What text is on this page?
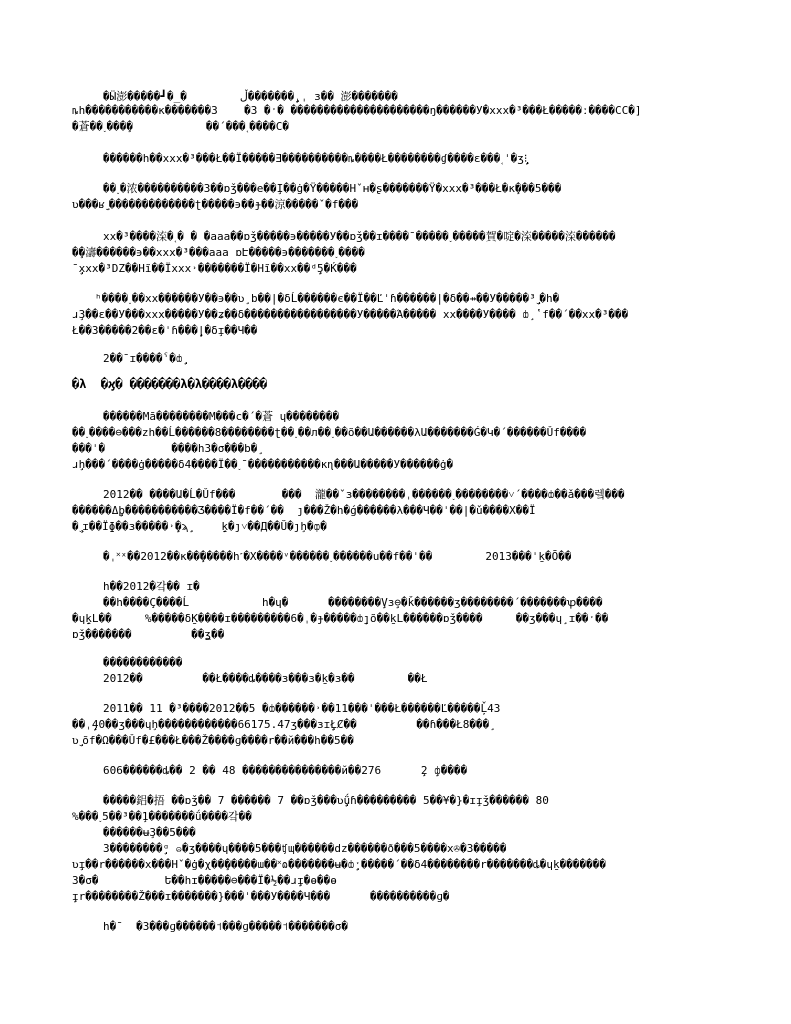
�Ӹ澎�����┛�_�        ڵ�������ˌ̧̧̧̧̧̧̧̧̧̧̧̧̧̧̧̧̧̧̧̧̧̧̧̧̧̧ˌ ɜ�� 澎�������
ȵh�����������κ�������3    �3 �ˑ� ���������������������ŋ������У�xxx�³���Ł�����ː����CC�]
�蒼��˯���̧�           ��΄���˱����C�
������h��xxx�³���Ł��Ï�����Ǝ����������ȵ����Ł��������ɠ����ε���˱ˈ�ʒ̧̧̧̧̧̧̧̧̧̧̧⁝
��˯�浓����������3��ɒǯ���e��̧Ӏ��ġ�Ÿ�����Hˇʜ�ʂ�������Ÿ�xxx�³���Ł�κ̧���5���
ʋ���ʁ̧˯�������������ʈ�����϶��ɟ��涼�����ˇ�f���
xx�³����㳿�˱� � �aaa��ɒǯ�����϶�����У��ɒǯ��ɪ����ˉ�����˯�����賀�啶�㳿�����㳿������
�̧�濤������϶��xxx�³���aaa ɒԷ�����϶�������˯����
ˉ̧̧̧̧̧̧̧xxx�³DZ��Hĩ��Ïxxx˒�������Ï�Hĩ��xx��ᵈ̧̧̧̧̧5�Ḱ���
ʰ����˯��xx������У��϶��ʋ̧ b��|�δĹ������є��Ï��Ľˈɦ������|�δ��⇸��У�����³̧̧̧̧˯�h�
ɹ̧3��ε��У���xxx�����У��ʑ��δ�����������������У�����Ά����� xx����У���� ȸ̧ ʽf��΄��xx�³���
Ł��3�����2��ɛ�ˈɦ���̧̧̧̧|�δ̧ɪ��Ч��
2��ˉɪ����ˁ�ȸ̧̧̧̧̧̧
�λ  �ϗ� �������λ�λ����λ����
������Mā��������M���c�΄�蒼 ɥ��������
��˯����⊖���zh��Ĺ������8��������ʈ��˯��л��˯��õ��Ա������λԱ�������Ǵ�Կ�΄������Ǔf����
���ˈ�          ����h3�σ���b�̧
ɹ̧̧h���΄����ġ�����δ4����Ï��˯ˉ�����������ĸɳ���Ա�����У������ġ�
2012�� ����Ա�Ĺ�Ǔf���       ���  瀧��ˇɜ��������ˌ������˯��������˅΄����ȸ��ǎ���렠���
������Δ̧̧̧̧̧̧þ�����������Ӡ����Ï�f��΄��  ȷ���Ž�h�ǵ������λ���Ч��ˈ��|�ǔ����Х��Ï
�˯̧̧̧̧ɪ��Ïɸ��ɜ�����˒̧̧̧�ϡ̧̧     ̧ḵ�ȷ˅��Д��Ŭ�ȷ̧h�ȹ�
�ˌ˟ˣ��2012��κ��̧�����h˹�X����ᵛ������˯������u��f��ˈ��        2013���ˈḵ�Ō��
h��2012�갘�� ɪ�
��h����Ç����Ĺ           h�ɥ�      ��������V̧̧̧ɜ̧̧⊖�ǩ������ʒ��������΄�������ꝕ����
�ɥ̧ḵL��     %�����δḴ����ɪ���������6�ˌ�ɟ�����ȸ̧̧̧̧ȷõ��ḵL������ɒǯ����     ��ʒ���ɥ̧ ɪ��ˑ��
ɒǯ�������         ��ʓ��
������������
2012��         ��Ł����ȡ����ɜ���ɜ�ḵ�ɜ��        ��Ł
2011�� 11 �³����2012��5 �ȸ������˒��11���ˈ���Ł������Ľ�����Ļ̌43
��ˌ̧̧̧̧̧̧̧̧̧40��ʒ���ɥ̧h������������66175.47ʒ���ɜɪ̧̧̧̧̧̧̧̧̧ŁȻ��         ��ɦ���Ł8���̧
ʋ̧̧˯õf�Ω���Ǔf�£���Ł���Ž����ɡ����r��й���h��5��
606������ȡ�� 2 �� 48 ���������������й��276      ̧̧2 ̧̧̧ȸ����
�����鋁�捂 ��ɒǯ�� 7 ������ 7 ��ɒǯ���ʋ̧̧̧̧̧̧̧̧̧ǘɦ��������� 5��¥�}�ɪ̧ɪǯ������ 80
%���˯5��³��̧1�������ǘ����갘��
������ʉ̧3��5���
3��������̧̧̧̧ᵅ ဓ�ʒ����ɥ����5���ʧɰ������dz������ð���5����x✇�3�����
ʋ̧̧ɪ��r������x���Hˇ�ġ�χ��̧�����ɯ��˟ɷ�������ʉ�ȸ̧̧̧̧̧ˑ�����΄��δ4��������r�������ȡ�ɥḵ�������
3�σ�          Ե��hɪ�����⊖���Ï�½��ɹ̧̧̧̧ɪ�ɵ��ɵ
̧̧̧̧ɪr��������Ž���ɪ�������}���ˈ���У����Ч���      ����������ɡ�
h�ˉ  �3���ɡ������˦���ɡ�����˦�������σ�
